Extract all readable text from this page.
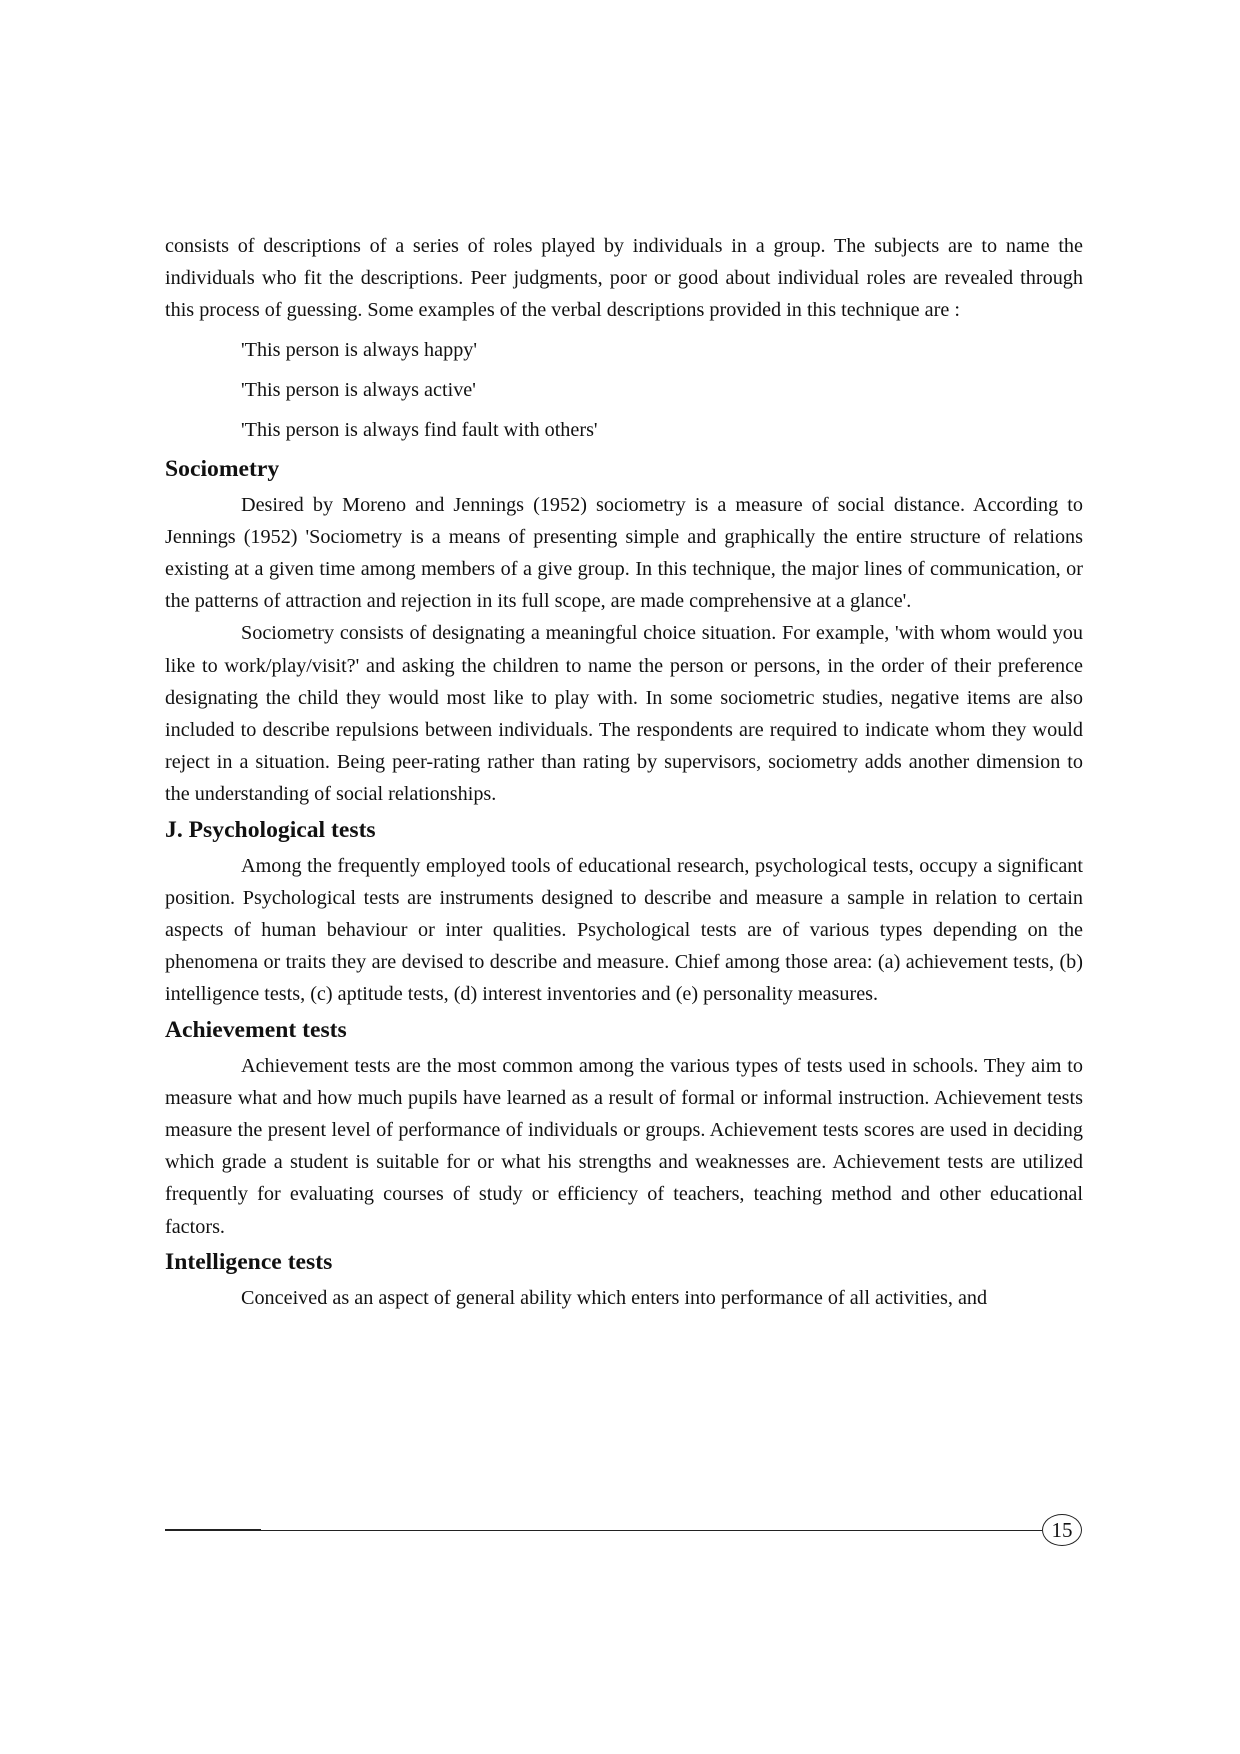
consists of descriptions of a series of roles played by individuals in a group. The subjects are to name the individuals who fit the descriptions. Peer judgments, poor or good about individual roles are revealed through this process of guessing. Some examples of the verbal descriptions provided in this technique are :

'This person is always happy'

'This person is always active'

'This person is always find fault with others'

Sociometry

Desired by Moreno and Jennings (1952) sociometry is a measure of social distance. According to Jennings (1952) 'Sociometry is a means of presenting simple and graphically the entire structure of relations existing at a given time among members of a give group. In this technique, the major lines of communication, or the patterns of attraction and rejection in its full scope, are made comprehensive at a glance'.

Sociometry consists of designating a meaningful choice situation. For example, 'with whom would you like to work/play/visit?' and asking the children to name the person or persons, in the order of their preference designating the child they would most like to play with. In some sociometric studies, negative items are also included to describe repulsions between individuals. The respondents are required to indicate whom they would reject in a situation. Being peer-rating rather than rating by supervisors, sociometry adds another dimension to the understanding of social relationships.

J. Psychological tests

Among the frequently employed tools of educational research, psychological tests, occupy a significant position. Psychological tests are instruments designed to describe and measure a sample in relation to certain aspects of human behaviour or inter qualities. Psychological tests are of various types depending on the phenomena or traits they are devised to describe and measure. Chief among those area: (a) achievement tests, (b) intelligence tests, (c) aptitude tests, (d) interest inventories and (e) personality measures.

Achievement tests

Achievement tests are the most common among the various types of tests used in schools. They aim to measure what and how much pupils have learned as a result of formal or informal instruction. Achievement tests measure the present level of performance of individuals or groups. Achievement tests scores are used in deciding which grade a student is suitable for or what his strengths and weaknesses are. Achievement tests are utilized frequently for evaluating courses of study or efficiency of teachers, teaching method and other educational factors.

Intelligence tests

Conceived as an aspect of general ability which enters into performance of all activities, and

15
